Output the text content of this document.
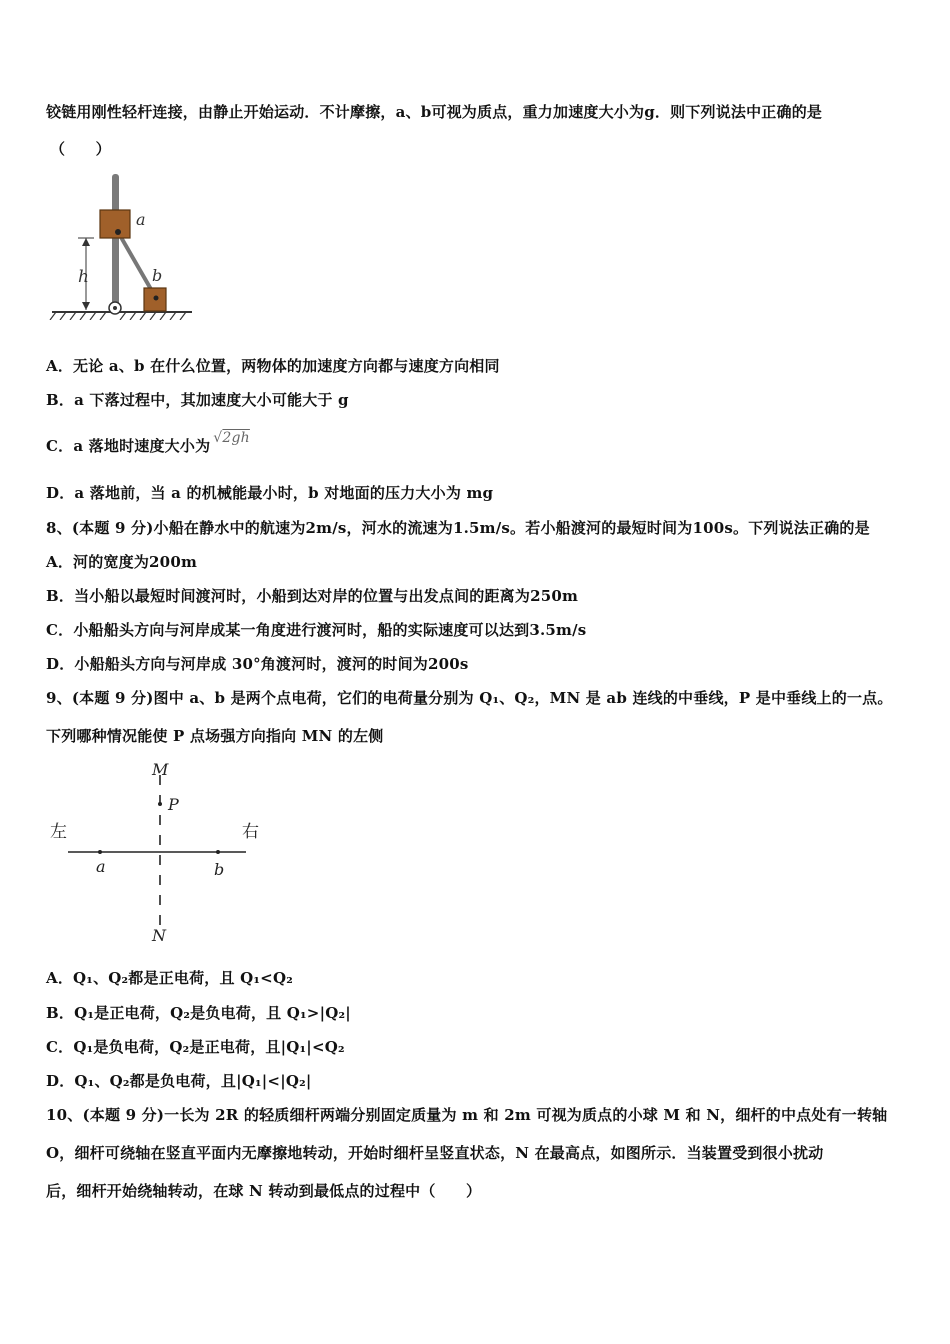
铰链用刚性轻杆连接，由静止开始运动．不计摩擦，a、b可视为质点，重力加速度大小为g．则下列说法中正确的是
（　　）
h
a
b
A．无论 a、b 在什么位置，两物体的加速度方向都与速度方向相同
B．a 下落过程中，其加速度大小可能大于 g
C．a 落地时速度大小为 √2gh
D．a 落地前，当 a 的机械能最小时，b 对地面的压力大小为 mg
8、(本题 9 分)小船在静水中的航速为2m/s，河水的流速为1.5m/s。若小船渡河的最短时间为100s。下列说法正确的是
A．河的宽度为200m
B．当小船以最短时间渡河时，小船到达对岸的位置与出发点间的距离为250m
C．小船船头方向与河岸成某一角度进行渡河时，船的实际速度可以达到3.5m/s
D．小船船头方向与河岸成 30°角渡河时，渡河的时间为200s
9、(本题 9 分)图中 a、b 是两个点电荷，它们的电荷量分别为 Q₁、Q₂，MN 是 ab 连线的中垂线，P 是中垂线上的一点。
下列哪种情况能使 P 点场强方向指向 MN 的左侧
M
P
N
a	b
左	右
A．Q₁、Q₂都是正电荷，且 Q₁<Q₂
B．Q₁是正电荷，Q₂是负电荷，且 Q₁>|Q₂|
C．Q₁是负电荷，Q₂是正电荷，且|Q₁|<Q₂
D．Q₁、Q₂都是负电荷，且|Q₁|<|Q₂|
10、(本题 9 分)一长为 2R 的轻质细杆两端分别固定质量为 m 和 2m 可视为质点的小球 M 和 N，细杆的中点处有一转轴
O，细杆可绕轴在竖直平面内无摩擦地转动，开始时细杆呈竖直状态，N 在最高点，如图所示．当装置受到很小扰动
后，细杆开始绕轴转动，在球 N 转动到最低点的过程中（　　）
